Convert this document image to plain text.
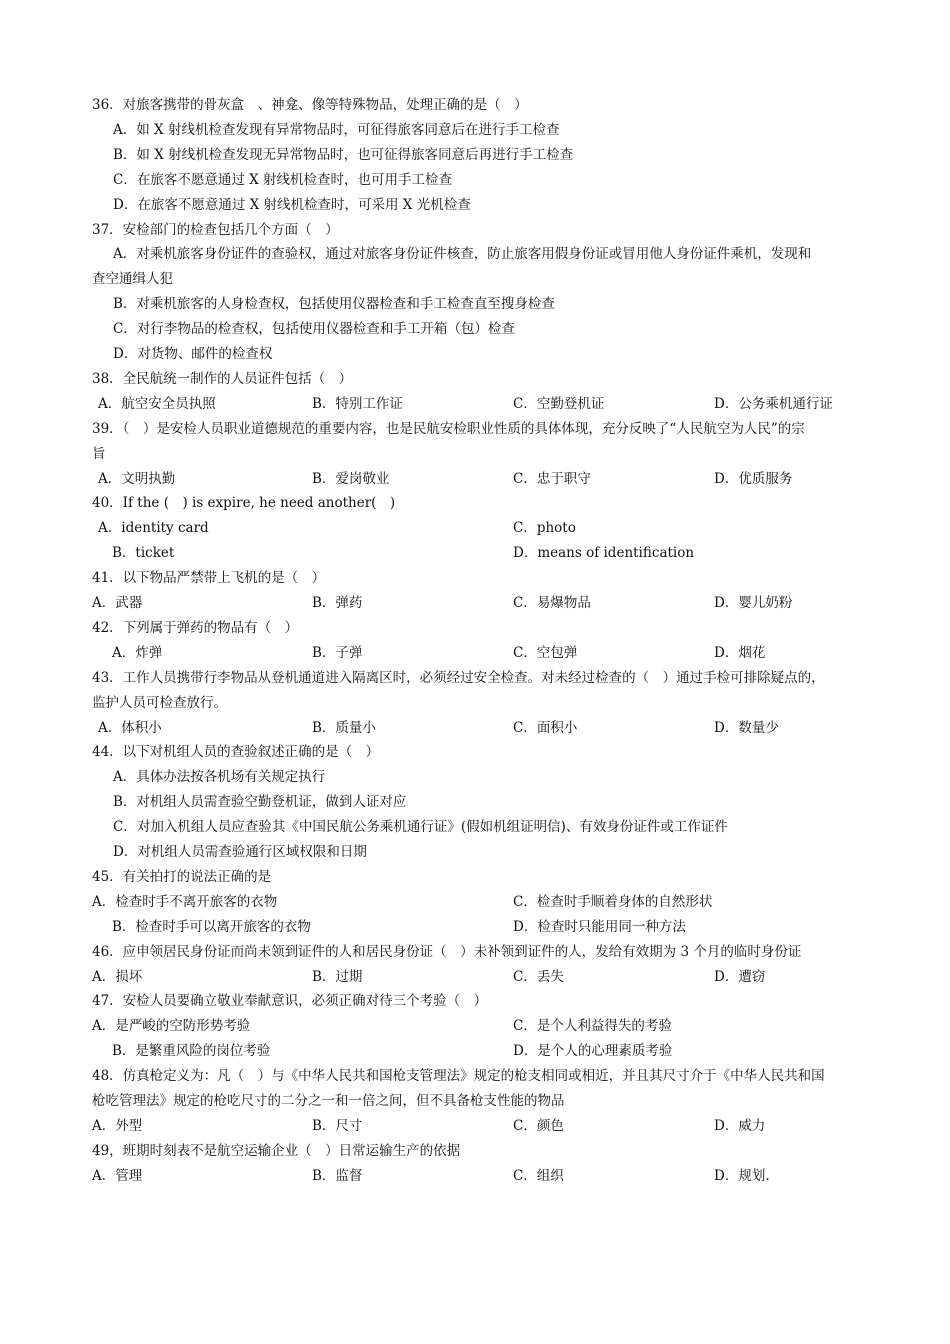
36．对旅客携带的骨灰盒　、神龛、像等特殊物品，处理正确的是（　）
A．如 X 射线机检查发现有异常物品时，可征得旅客同意后在进行手工检查
B．如 X 射线机检查发现无异常物品时，也可征得旅客同意后再进行手工检查
C．在旅客不愿意通过 X 射线机检查时，也可用手工检查
D．在旅客不愿意通过 X 射线机检查时，可采用 X 光机检查
37．安检部门的检查包括几个方面（　）
A．对乘机旅客身份证件的查验权，通过对旅客身份证件核查，防止旅客用假身份证或冒用他人身份证件乘机，发现和
查空通缉人犯
B．对乘机旅客的人身检查权，包括使用仪器检查和手工检查直至搜身检查
C．对行李物品的检查权，包括使用仪器检查和手工开箱（包）检查
D．对货物、邮件的检查权
38．全民航统一制作的人员证件包括（　）
A．航空安全员执照	B．特别工作证	C．空勤登机证	D．公务乘机通行证
39．（　）是安检人员职业道德规范的重要内容，也是民航安检职业性质的具体体现，充分反映了“人民航空为人民”的宗
旨
A．文明执勤	B．爱岗敬业	C．忠于职守	D．优质服务
40．If the (　) is expire, he need another(　)
A．identity card	C．photo
B．ticket	D．means of identification
41．以下物品严禁带上飞机的是（　）
A．武器	B．弹药	C．易爆物品	D．婴儿奶粉
42．下列属于弹药的物品有（　）
A．炸弹	B．子弹	C．空包弹	D．烟花
43．工作人员携带行李物品从登机通道进入隔离区时，必须经过安全检查。对未经过检查的（　）通过手检可排除疑点的，
监护人员可检查放行。
A．体积小	B．质量小	C．面积小	D．数量少
44．以下对机组人员的查验叙述正确的是（　）
A．具体办法按各机场有关规定执行
B．对机组人员需查验空勤登机证，做到人证对应
C．对加入机组人员应查验其《中国民航公务乘机通行证》(假如机组证明信)、有效身份证件或工作证件
D．对机组人员需查验通行区域权限和日期
45．有关拍打的说法正确的是
A．检查时手不离开旅客的衣物	C．检查时手顺着身体的自然形状
B．检查时手可以离开旅客的衣物	D．检查时只能用同一种方法
46．应申领居民身份证而尚未领到证件的人和居民身份证（　）未补领到证件的人，发给有效期为 3 个月的临时身份证
A．损坏	B．过期	C．丢失	D．遭窃
47．安检人员要确立敬业奉献意识，必须正确对待三个考验（　）
A．是严峻的空防形势考验	C．是个人利益得失的考验
B．是繁重风险的岗位考验	D．是个人的心理素质考验
48．仿真枪定义为：凡（　）与《中华人民共和国枪支管理法》规定的枪支相同或相近，并且其尺寸介于《中华人民共和国
枪吃管理法》规定的枪吃尺寸的二分之一和一倍之间，但不具备枪支性能的物品
A．外型	B．尺寸	C．颜色	D．威力
49，班期时刻表不是航空运输企业（　）日常运输生产的依据
A．管理	B．监督	C．组织	D．规划.
